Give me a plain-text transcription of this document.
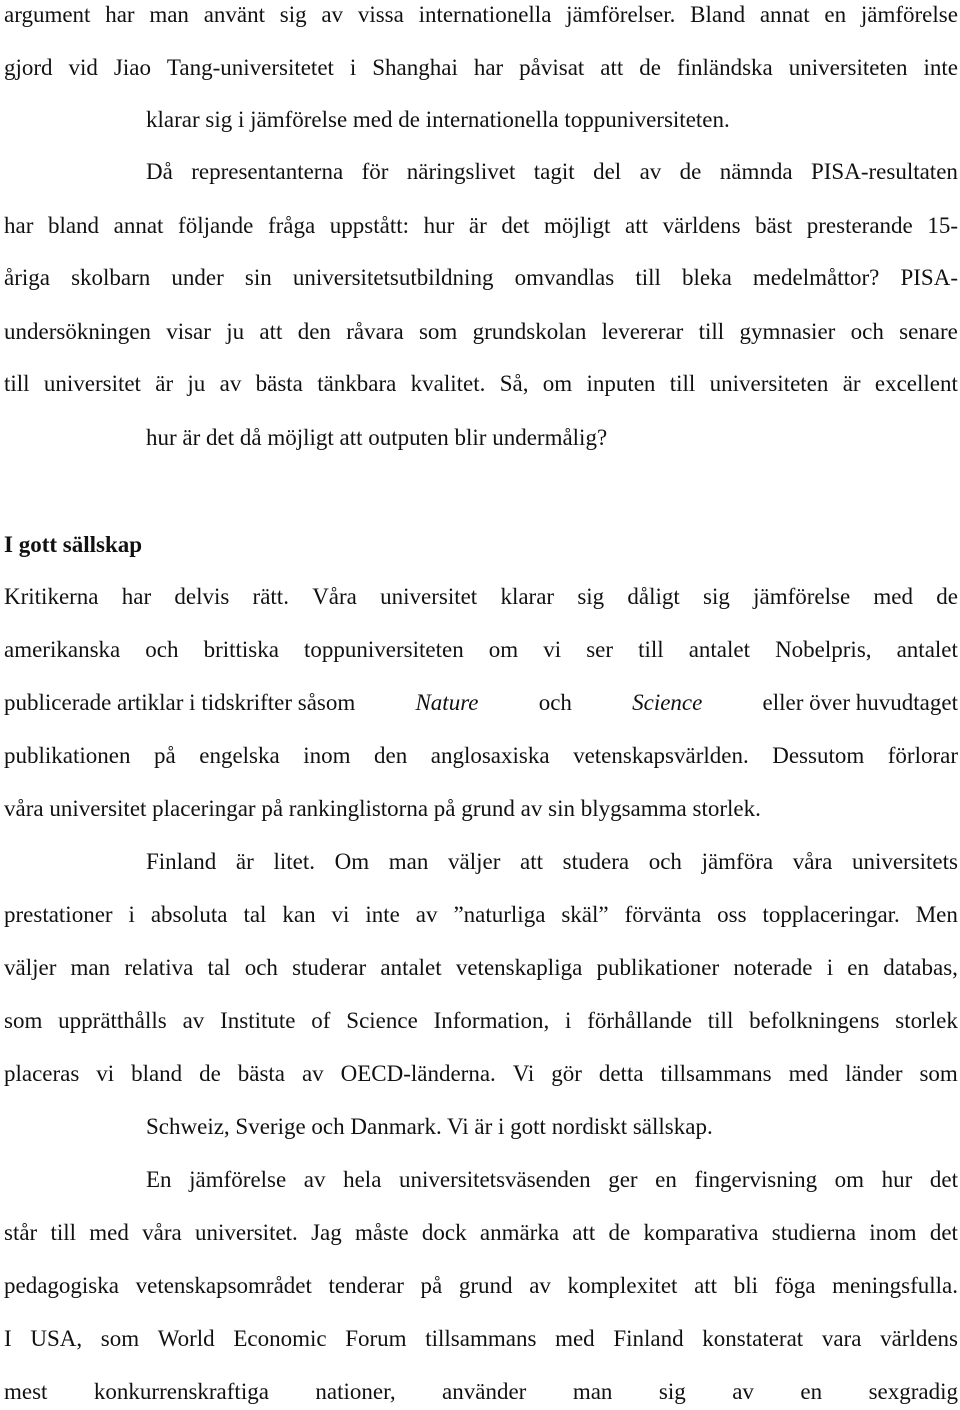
argument har man använt sig av vissa internationella jämförelser. Bland annat en jämförelse
gjord vid Jiao Tang-universitetet i Shanghai har påvisat att de finländska universiteten inte
klarar sig i jämförelse med de internationella toppuniversiteten.
Då representanterna för näringslivet tagit del av de nämnda PISA-resultaten
har bland annat följande fråga uppstått: hur är det möjligt att världens bäst presterande 15-
åriga skolbarn under sin universitetsutbildning omvandlas till bleka medelmåttor? PISA-
undersökningen visar ju att den råvara som grundskolan levererar till gymnasier och senare
till universitet är ju av bästa tänkbara kvalitet. Så, om inputen till universiteten är excellent
hur är det då möjligt att outputen blir undermålig?
I gott sällskap
Kritikerna har delvis rätt. Våra universitet klarar sig dåligt sig jämförelse med de
amerikanska och brittiska toppuniversiteten om vi ser till antalet Nobelpris, antalet
publicerade artiklar i tidskrifter såsom	Nature	och	Science	eller över huvudtaget
publikationen på engelska inom den anglosaxiska vetenskapsvärlden. Dessutom förlorar
våra universitet placeringar på rankinglistorna på grund av sin blygsamma storlek.
Finland är litet. Om man väljer att studera och jämföra våra universitets
prestationer i absoluta tal kan vi inte av ”naturliga skäl” förvänta oss topplaceringar. Men
väljer man relativa tal och studerar antalet vetenskapliga publikationer noterade i en databas,
som upprätthålls av Institute of Science Information, i förhållande till befolkningens storlek
placeras vi bland de bästa av OECD-länderna. Vi gör detta tillsammans med länder som
Schweiz, Sverige och Danmark. Vi är i gott nordiskt sällskap.
En jämförelse av hela universitetsväsenden ger en fingervisning om hur det
står till med våra universitet. Jag måste dock anmärka att de komparativa studierna inom det
pedagogiska vetenskapsområdet tenderar på grund av komplexitet att bli föga meningsfulla.
I USA, som World Economic Forum tillsammans med Finland konstaterat vara världens
mest konkurrenskraftiga nationer, använder man sig av en sexgradig
